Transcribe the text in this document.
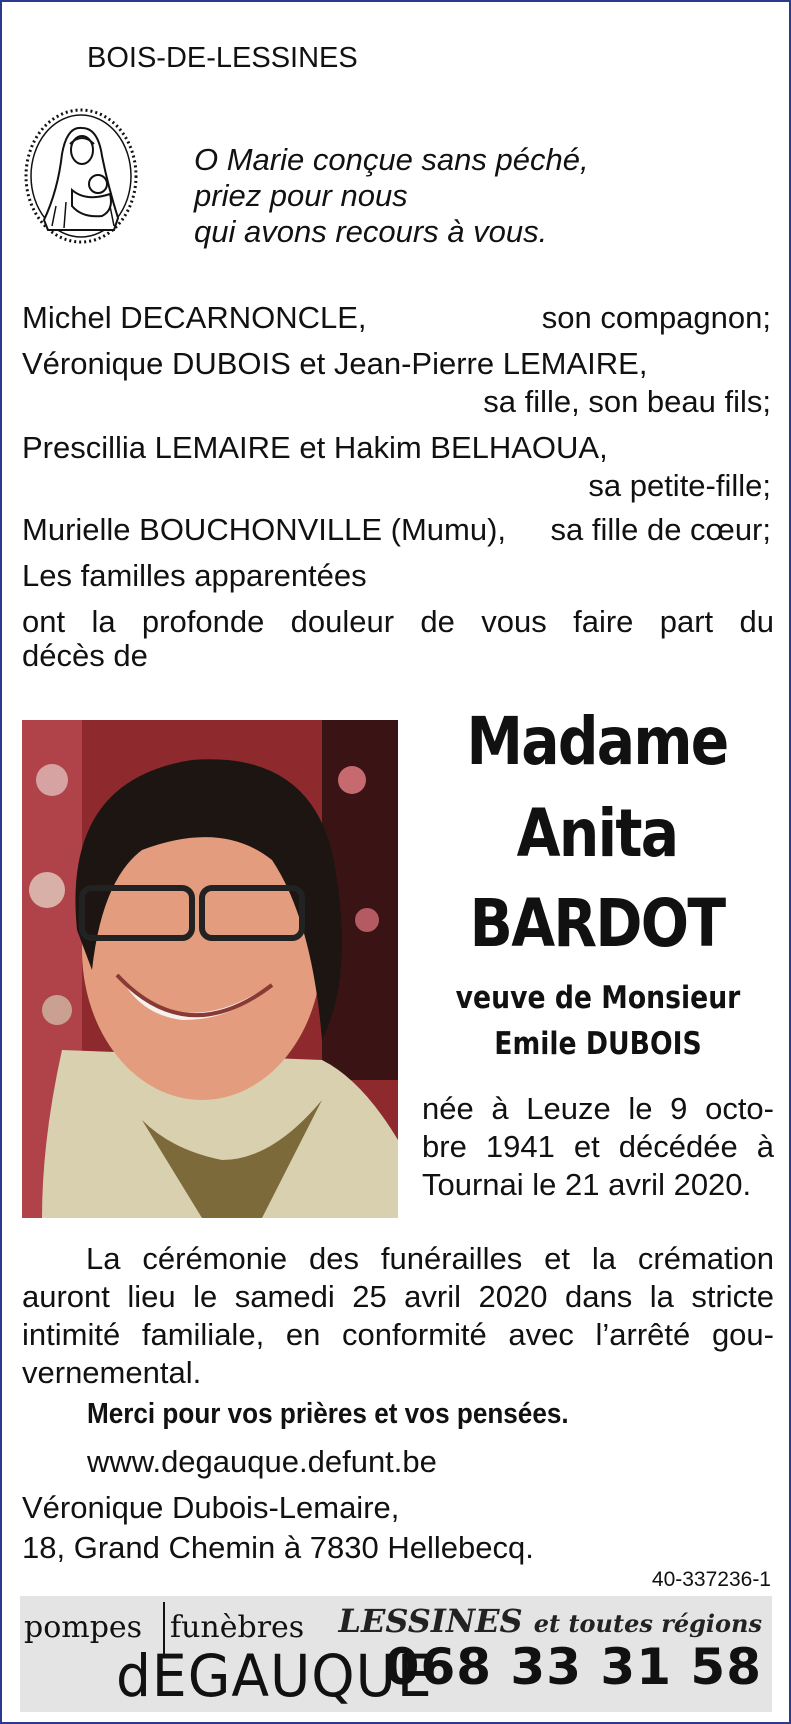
BOIS-DE-LESSINES
O Marie conçue sans péché,
priez pour nous
qui avons recours à vous.
Michel DECARNONCLE,	son compagnon;
Véronique DUBOIS et Jean-Pierre LEMAIRE,
sa fille, son beau fils;
Prescillia LEMAIRE et Hakim BELHAOUA,
sa petite-fille;
Murielle BOUCHONVILLE (Mumu), sa fille de cœur;
Les familles apparentées
ont la profonde douleur de vous faire part du
décès de
Madame
Anita
BARDOT
veuve de Monsieur
Emile DUBOIS
née à Leuze le 9 octo-
bre 1941 et décédée à
Tournai le 21 avril 2020.
La cérémonie des funérailles et la crémation
auront lieu le samedi 25 avril 2020 dans la stricte
intimité familiale, en conformité avec l’arrêté gou-
vernemental.
Merci pour vos prières et vos pensées.
www.degauque.defunt.be
Véronique Dubois-Lemaire,
18, Grand Chemin à 7830 Hellebecq.
40-337236-1
pompes funèbres
dEGAUQUE
LESSINES et toutes régions
068 33 31 58
